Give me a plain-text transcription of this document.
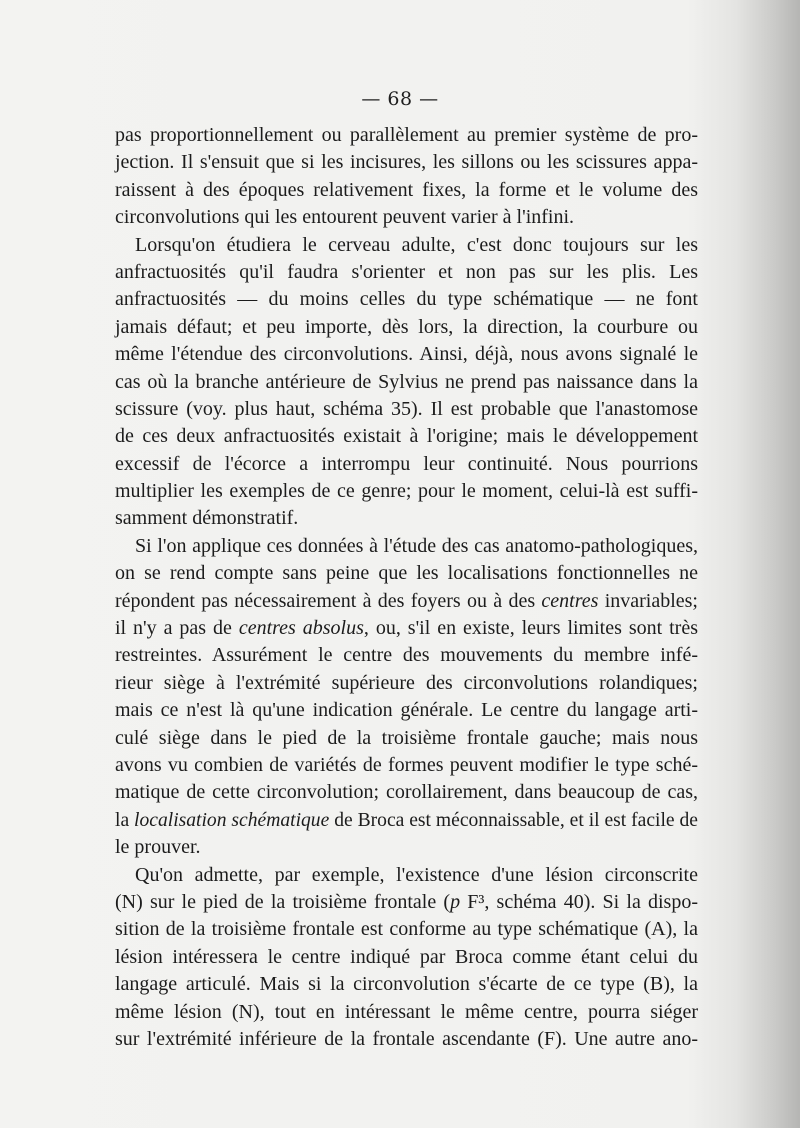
— 68 —
pas proportionnellement ou parallèlement au premier système de pro-
jection. Il s'ensuit que si les incisures, les sillons ou les scissures appa-
raissent à des époques relativement fixes, la forme et le volume des
circonvolutions qui les entourent peuvent varier à l'infini.
Lorsqu'on étudiera le cerveau adulte, c'est donc toujours sur les
anfractuosités qu'il faudra s'orienter et non pas sur les plis. Les
anfractuosités — du moins celles du type schématique — ne font
jamais défaut; et peu importe, dès lors, la direction, la courbure ou
même l'étendue des circonvolutions. Ainsi, déjà, nous avons signalé le
cas où la branche antérieure de Sylvius ne prend pas naissance dans la
scissure (voy. plus haut, schéma 35). Il est probable que l'anastomose
de ces deux anfractuosités existait à l'origine; mais le développement
excessif de l'écorce a interrompu leur continuité. Nous pourrions
multiplier les exemples de ce genre; pour le moment, celui-là est suffi-
samment démonstratif.
Si l'on applique ces données à l'étude des cas anatomo-pathologiques,
on se rend compte sans peine que les localisations fonctionnelles ne
répondent pas nécessairement à des foyers ou à des centres invariables;
il n'y a pas de centres absolus, ou, s'il en existe, leurs limites sont très
restreintes. Assurément le centre des mouvements du membre infé-
rieur siège à l'extrémité supérieure des circonvolutions rolandiques;
mais ce n'est là qu'une indication générale. Le centre du langage arti-
culé siège dans le pied de la troisième frontale gauche; mais nous
avons vu combien de variétés de formes peuvent modifier le type sché-
matique de cette circonvolution; corollairement, dans beaucoup de cas,
la localisation schématique de Broca est méconnaissable, et il est facile de
le prouver.
Qu'on admette, par exemple, l'existence d'une lésion circonscrite
(N) sur le pied de la troisième frontale (p F³, schéma 40). Si la dispo-
sition de la troisième frontale est conforme au type schématique (A), la
lésion intéressera le centre indiqué par Broca comme étant celui du
langage articulé. Mais si la circonvolution s'écarte de ce type (B), la
même lésion (N), tout en intéressant le même centre, pourra siéger
sur l'extrémité inférieure de la frontale ascendante (F). Une autre ano-
